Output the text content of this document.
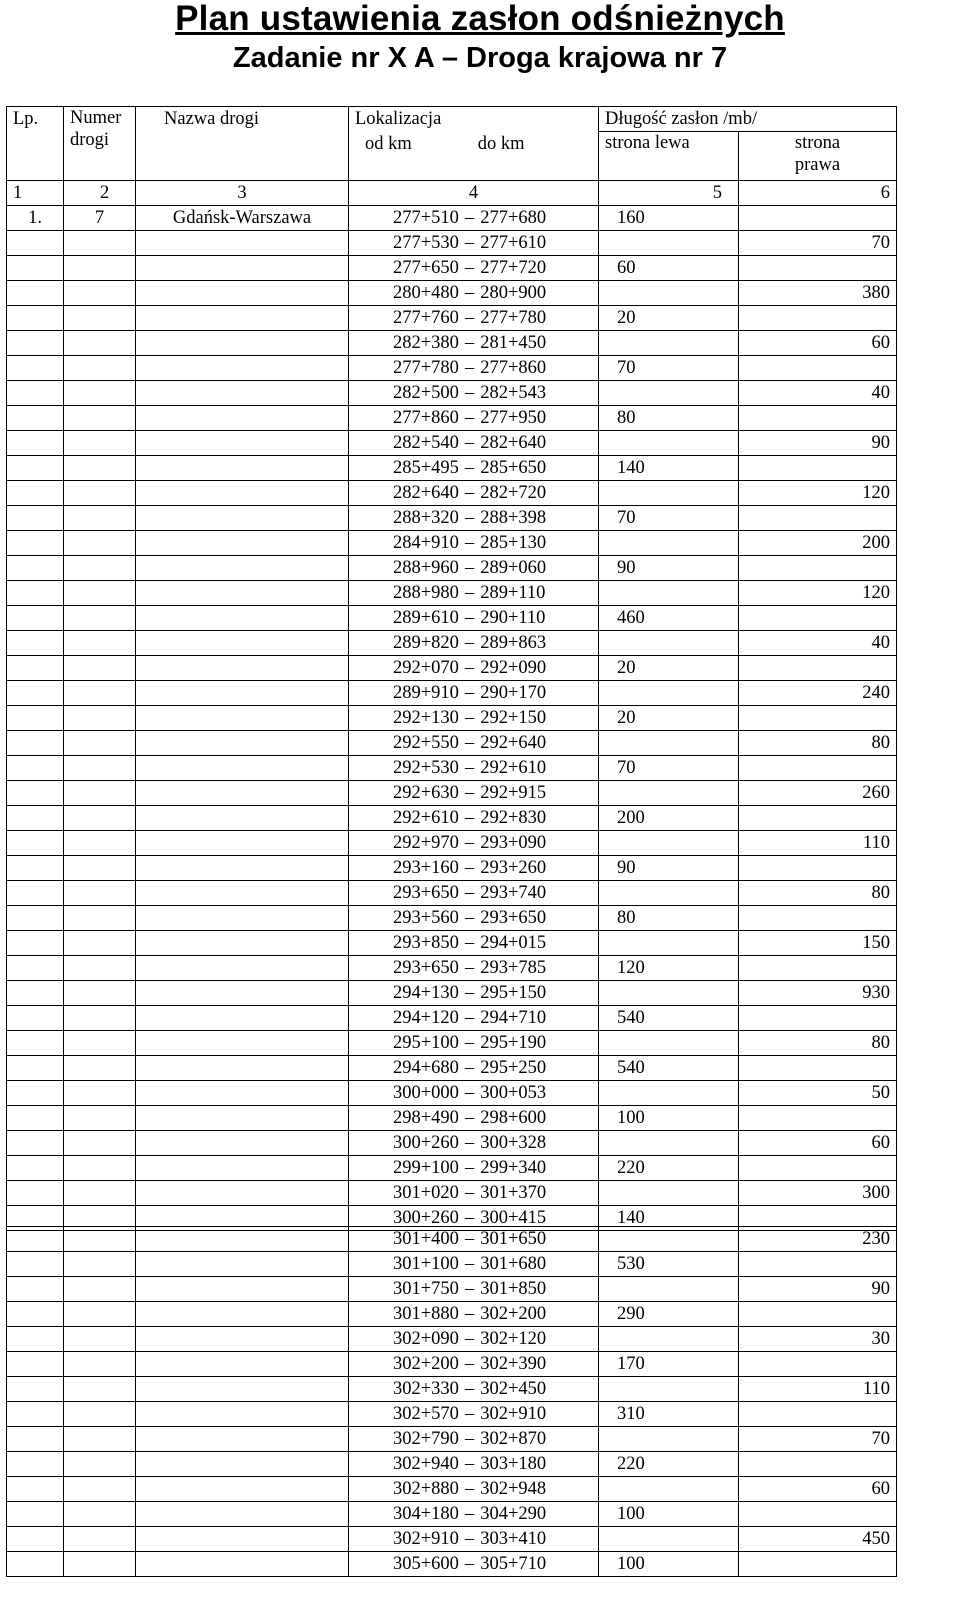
Plan ustawienia zasłon odśnieżnych
Zadanie nr X A – Droga krajowa nr 7
Lp.	Numer drogi	Nazwa drogi	Lokalizacja	Długość zasłon /mb/	
			od km do km	strona lewa	strona prawa
1	2	3	4	5	6
1.	7	Gdańsk-Warszawa	277+510 – 277+680	160	
			277+530 – 277+610		70
			277+650 – 277+720	60	
			280+480 – 280+900		380
			277+760 – 277+780	20	
			282+380 – 281+450		60
			277+780 – 277+860	70	
			282+500 – 282+543		40
			277+860 – 277+950	80	
			282+540 – 282+640		90
			285+495 – 285+650	140	
			282+640 – 282+720		120
			288+320 – 288+398	70	
			284+910 – 285+130		200
			288+960 – 289+060	90	
			288+980 – 289+110		120
			289+610 – 290+110	460	
			289+820 – 289+863		40
			292+070 – 292+090	20	
			289+910 – 290+170		240
			292+130 – 292+150	20	
			292+550 – 292+640		80
			292+530 – 292+610	70	
			292+630 – 292+915		260
			292+610 – 292+830	200	
			292+970 – 293+090		110
			293+160 – 293+260	90	
			293+650 – 293+740		80
			293+560 – 293+650	80	
			293+850 – 294+015		150
			293+650 – 293+785	120	
			294+130 – 295+150		930
			294+120 – 294+710	540	
			295+100 – 295+190		80
			294+680 – 295+250	540	
			300+000 – 300+053		50
			298+490 – 298+600	100	
			300+260 – 300+328		60
			299+100 – 299+340	220	
			301+020 – 301+370		300
			300+260 – 300+415	140	
			301+400 – 301+650		230
			301+100 – 301+680	530	
			301+750 – 301+850		90
			301+880 – 302+200	290	
			302+090 – 302+120		30
			302+200 – 302+390	170	
			302+330 – 302+450		110
			302+570 – 302+910	310	
			302+790 – 302+870		70
			302+940 – 303+180	220	
			302+880 – 302+948		60
			304+180 – 304+290	100	
			302+910 – 303+410		450
			305+600 – 305+710	100	
